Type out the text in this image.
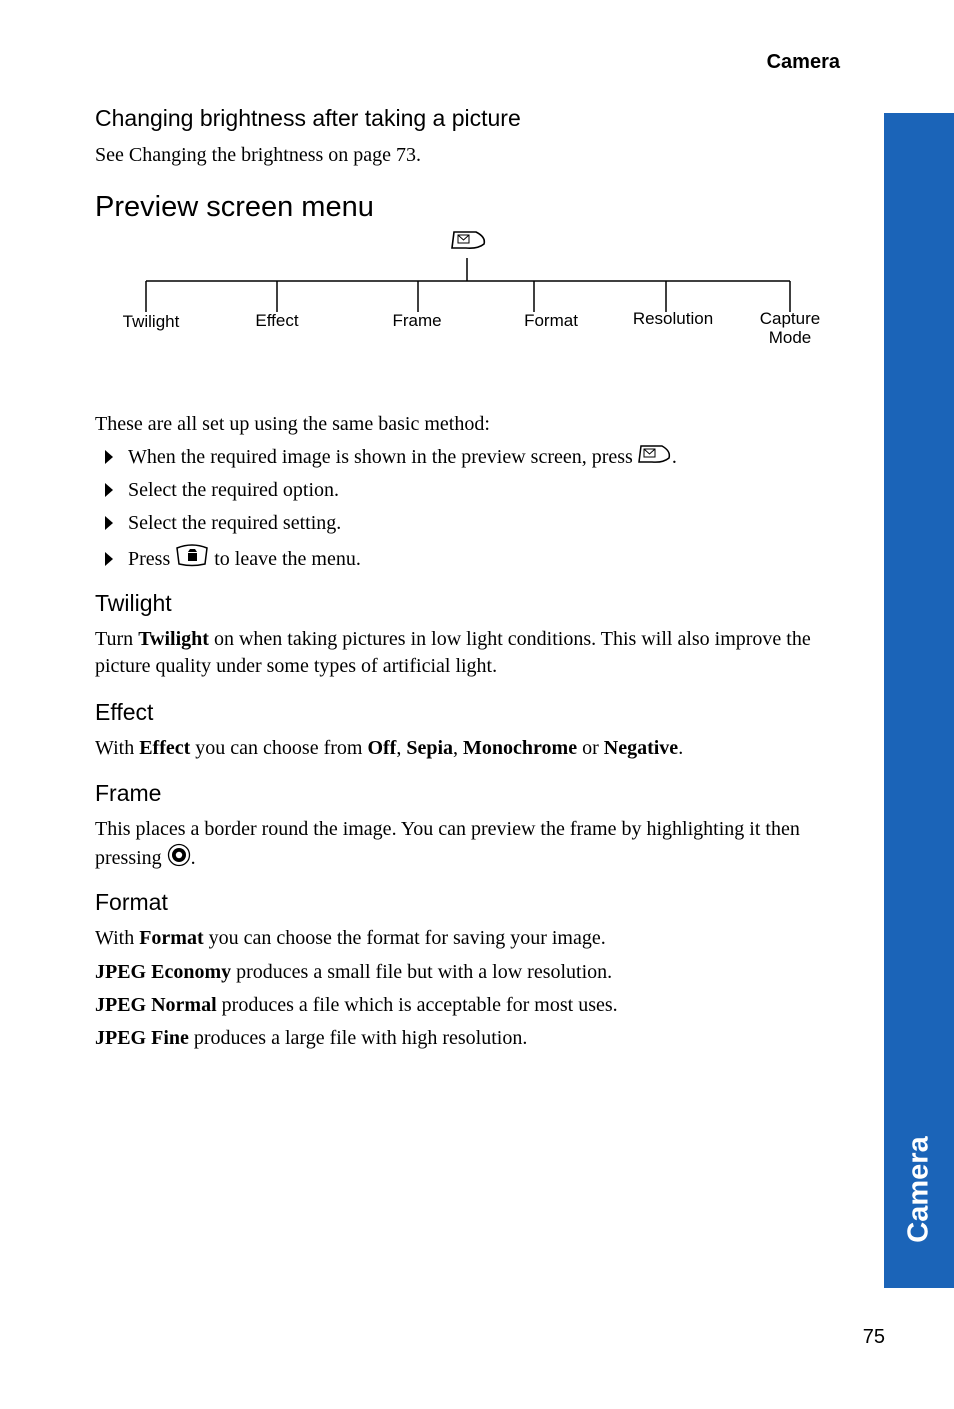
Camera
Camera
Changing brightness after taking a picture
See Changing the brightness on page 73.
Preview screen menu
Twilight	Effect	Frame	Format	Resolution	Capture
Mode
These are all set up using the same basic method:
When the required image is shown in the preview screen, press .
Select the required option.
Select the required setting.
Press to leave the menu.
Twilight
Turn Twilight on when taking pictures in low light conditions. This will also improve the picture quality under some types of artificial light.
Effect
With Effect you can choose from Off, Sepia, Monochrome or Negative.
Frame
This places a border round the image. You can preview the frame by highlighting it then pressing .
Format
With Format you can choose the format for saving your image.
JPEG Economy produces a small file but with a low resolution.
JPEG Normal produces a file which is acceptable for most uses.
JPEG Fine produces a large file with high resolution.
75
